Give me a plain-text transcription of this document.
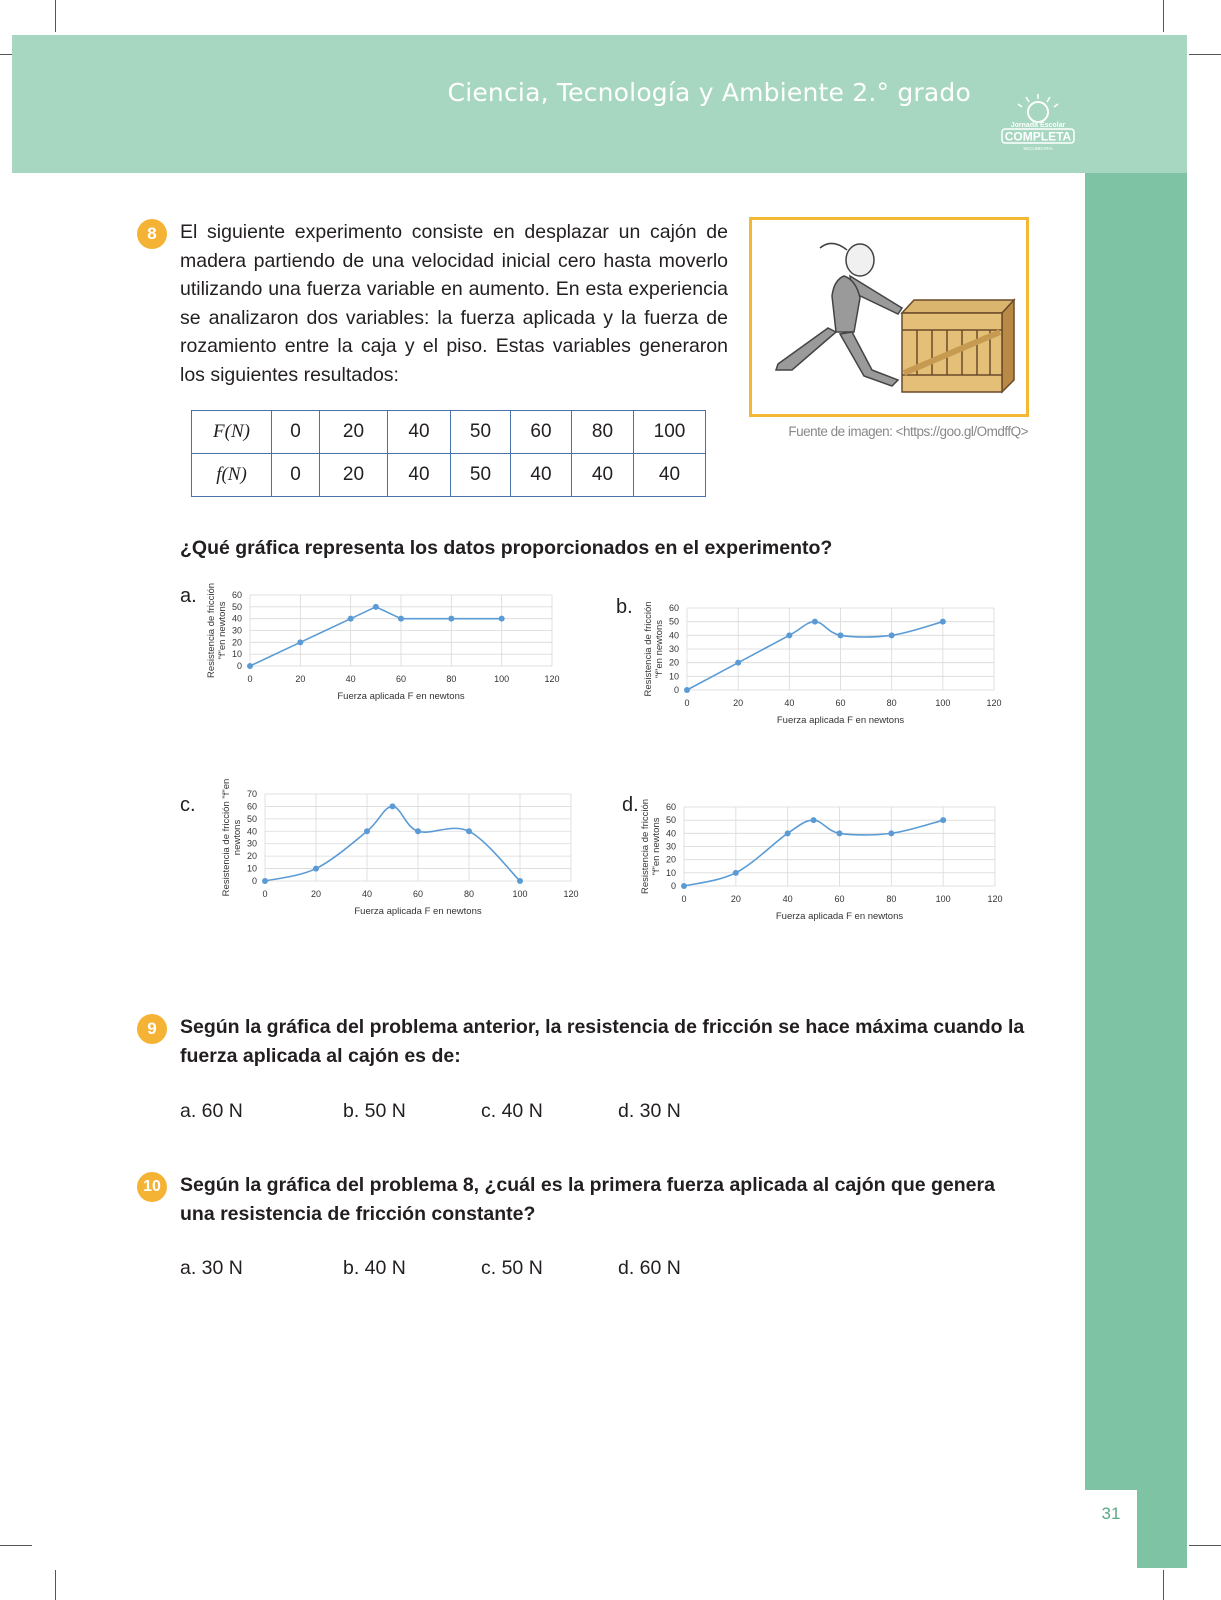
Ciencia, Tecnología y Ambiente 2.° grado
Jornada Escolar
COMPLETA
SECUNDARIA
31
8	El siguiente experimento consiste en desplazar un cajón de madera partiendo de una velocidad inicial cero hasta moverlo utilizando una fuerza variable en aumento. En esta experiencia se analizaron dos variables: la fuerza aplicada y la fuerza de rozamiento entre la caja y el piso. Estas variables generaron los siguientes resultados:
Fuente de imagen: <https://goo.gl/OmdffQ>
F(N)	0	20	40	50	60	80	100
f(N)	0	20	40	50	40	40	40
¿Qué gráfica representa los datos proporcionados en el experimento?
a.	b.
c.	d.
0	20	40	60	80	100	120
0
10
20
30
40
50
60
Fuerza aplicada F en newtons
Resistencia de fricción "f"en newtons
0	20	40	60	80	100	120
0
10
20
30
40
50
60
Fuerza aplicada F en newtons
Resistencia de fricción "f"en newtons
0	20	40	60	80	100	120
0
10
20
30
40
50
60
70
Fuerza aplicada F en newtons
Resistencia de fricción "f"en newtons
0	20	40	60	80	100	120
0
10
20
30
40
50
60
Fuerza aplicada F en newtons
Resistencia de fricción "f"en newtons
9	Según la gráfica del problema anterior, la resistencia de fricción se hace máxima cuando la fuerza aplicada al cajón es de:
a. 60 N	b. 50 N	c. 40 N	d. 30 N
10 Según la gráfica del problema 8, ¿cuál es la primera fuerza aplicada al cajón que genera una resistencia de fricción constante?
a. 30 N	b. 40 N	c. 50 N	d. 60 N
